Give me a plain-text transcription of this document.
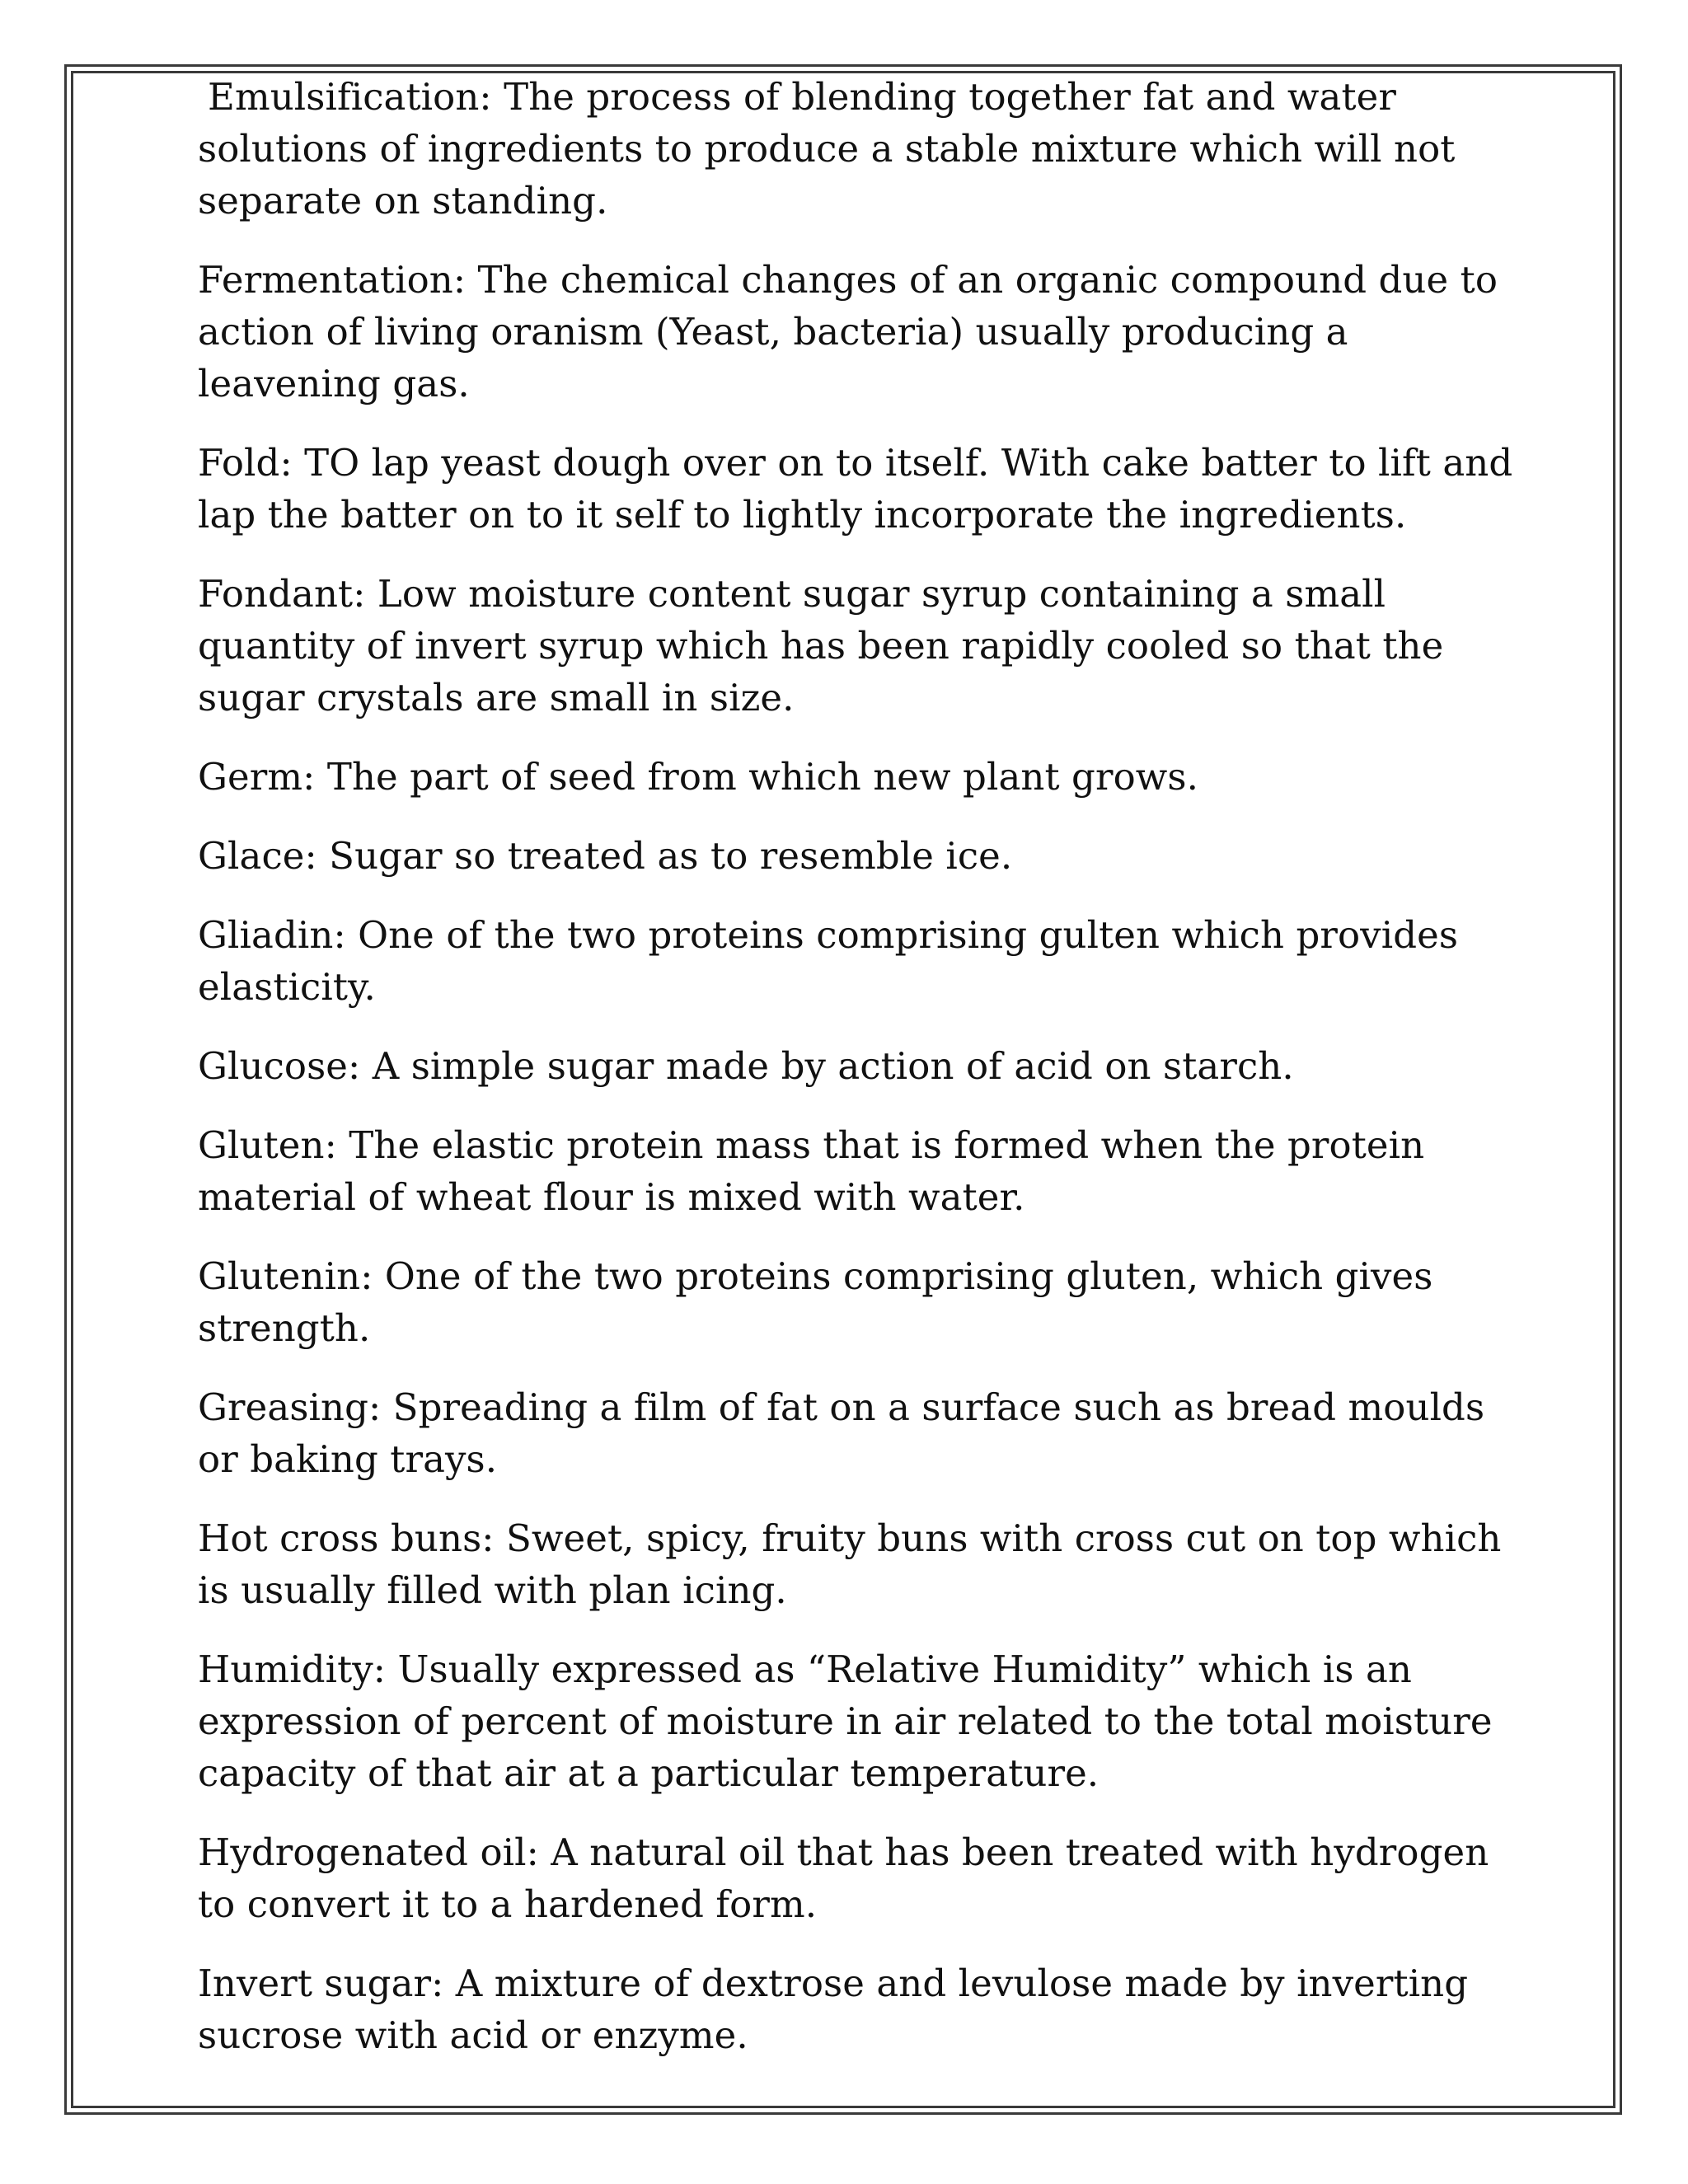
Emulsification: The process of blending together fat and water solutions of ingredients to produce a stable mixture which will not separate on standing.

Fermentation: The chemical changes of an organic compound due to action of living oranism (Yeast, bacteria) usually producing a leavening gas.

Fold: TO lap yeast dough over on to itself. With cake batter to lift and lap the batter on to it self to lightly incorporate the ingredients.

Fondant: Low moisture content sugar syrup containing a small quantity of invert syrup which has been rapidly cooled so that the sugar crystals are small in size.

Germ: The part of seed from which new plant grows.

Glace: Sugar so treated as to resemble ice.

Gliadin: One of the two proteins comprising gulten which provides elasticity.

Glucose: A simple sugar made by action of acid on starch.

Gluten: The elastic protein mass that is formed when the protein material of wheat flour is mixed with water.

Glutenin: One of the two proteins comprising gluten, which gives strength.

Greasing: Spreading a film of fat on a surface such as bread moulds or baking trays.

Hot cross buns: Sweet, spicy, fruity buns with cross cut on top which is usually filled with plan icing.

Humidity: Usually expressed as “Relative Humidity” which is an expression of percent of moisture in air related to the total moisture capacity of that air at a particular temperature.

Hydrogenated oil: A natural oil that has been treated with hydrogen to convert it to a hardened form.

Invert sugar: A mixture of dextrose and levulose made by inverting sucrose with acid or enzyme.
